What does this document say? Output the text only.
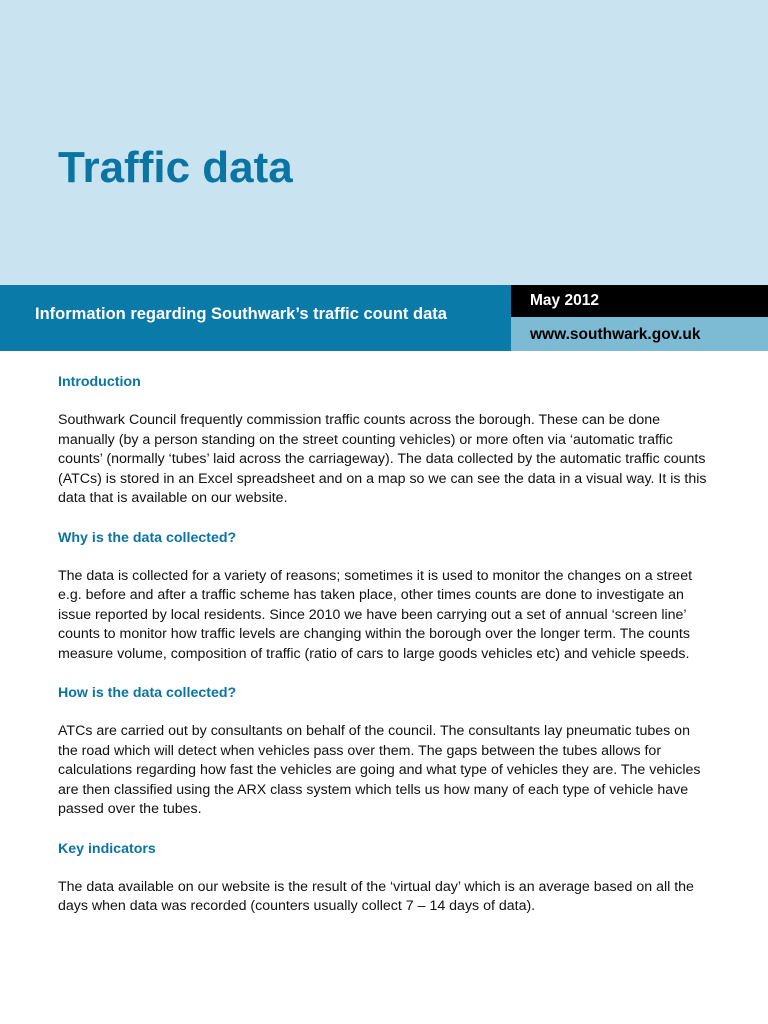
Traffic data

Information regarding Southwark’s traffic count data

May 2012
www.southwark.gov.uk
Introduction

Southwark Council frequently commission traffic counts across the borough. These can be done manually (by a person standing on the street counting vehicles) or more often via ‘automatic traffic counts’ (normally ‘tubes’ laid across the carriageway). The data collected by the automatic traffic counts (ATCs) is stored in an Excel spreadsheet and on a map so we can see the data in a visual way. It is this data that is available on our website.

Why is the data collected?

The data is collected for a variety of reasons; sometimes it is used to monitor the changes on a street e.g. before and after a traffic scheme has taken place, other times counts are done to investigate an issue reported by local residents. Since 2010 we have been carrying out a set of annual ‘screen line’ counts to monitor how traffic levels are changing within the borough over the longer term. The counts measure volume, composition of traffic (ratio of cars to large goods vehicles etc) and vehicle speeds.

How is the data collected?

ATCs are carried out by consultants on behalf of the council. The consultants lay pneumatic tubes on the road which will detect when vehicles pass over them. The gaps between the tubes allows for calculations regarding how fast the vehicles are going and what type of vehicles they are. The vehicles are then classified using the ARX class system which tells us how many of each type of vehicle have passed over the tubes.

Key indicators

The data available on our website is the result of the ‘virtual day’ which is an average based on all the days when data was recorded (counters usually collect 7 – 14 days of data).
